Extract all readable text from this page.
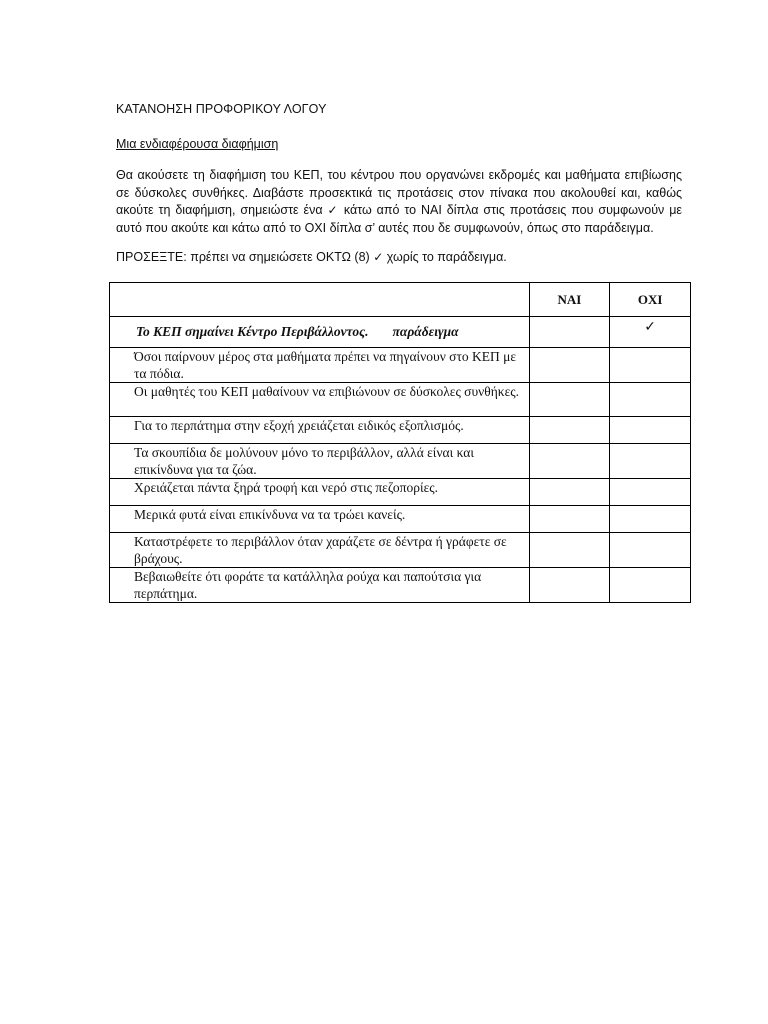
ΚΑΤΑΝΟΗΣΗ ΠΡΟΦΟΡΙΚΟΥ ΛΟΓΟΥ
Μια ενδιαφέρουσα διαφήμιση

Θα ακούσετε τη διαφήμιση του ΚΕΠ, του κέντρου που οργανώνει εκδρομές και μαθήματα επιβίωσης σε δύσκολες συνθήκες. Διαβάστε προσεκτικά τις προτάσεις στον πίνακα που ακολουθεί και, καθώς ακούτε τη διαφήμιση, σημειώστε ένα ✓ κάτω από το ΝΑΙ δίπλα στις προτάσεις που συμφωνούν με αυτό που ακούτε και κάτω από το ΟΧΙ δίπλα σ’ αυτές που δε συμφωνούν, όπως στο παράδειγμα.

ΠΡΟΣΕΞΤΕ: πρέπει να σημειώσετε ΟΚΤΩ (8) ✓ χωρίς το παράδειγμα.
	ΝΑΙ	ΟΧΙ

Το ΚΕΠ σημαίνει Κέντρο Περιβάλλοντος. παράδειγμα		✓

Όσοι παίρνουν μέρος στα μαθήματα πρέπει να πηγαίνουν στο ΚΕΠ με τα πόδια.		

Οι μαθητές του ΚΕΠ μαθαίνουν να επιβιώνουν σε δύσκολες συνθήκες.		

Για το περπάτημα στην εξοχή χρειάζεται ειδικός εξοπλισμός.		

Τα σκουπίδια δε μολύνουν μόνο το περιβάλλον, αλλά είναι και επικίνδυνα για τα ζώα.		

Χρειάζεται πάντα ξηρά τροφή και νερό στις πεζοπορίες.		

Μερικά φυτά είναι επικίνδυνα να τα τρώει κανείς.		

Καταστρέφετε το περιβάλλον όταν χαράζετε σε δέντρα ή γράφετε σε βράχους.		

Βεβαιωθείτε ότι φοράτε τα κατάλληλα ρούχα και παπούτσια για περπάτημα.		
